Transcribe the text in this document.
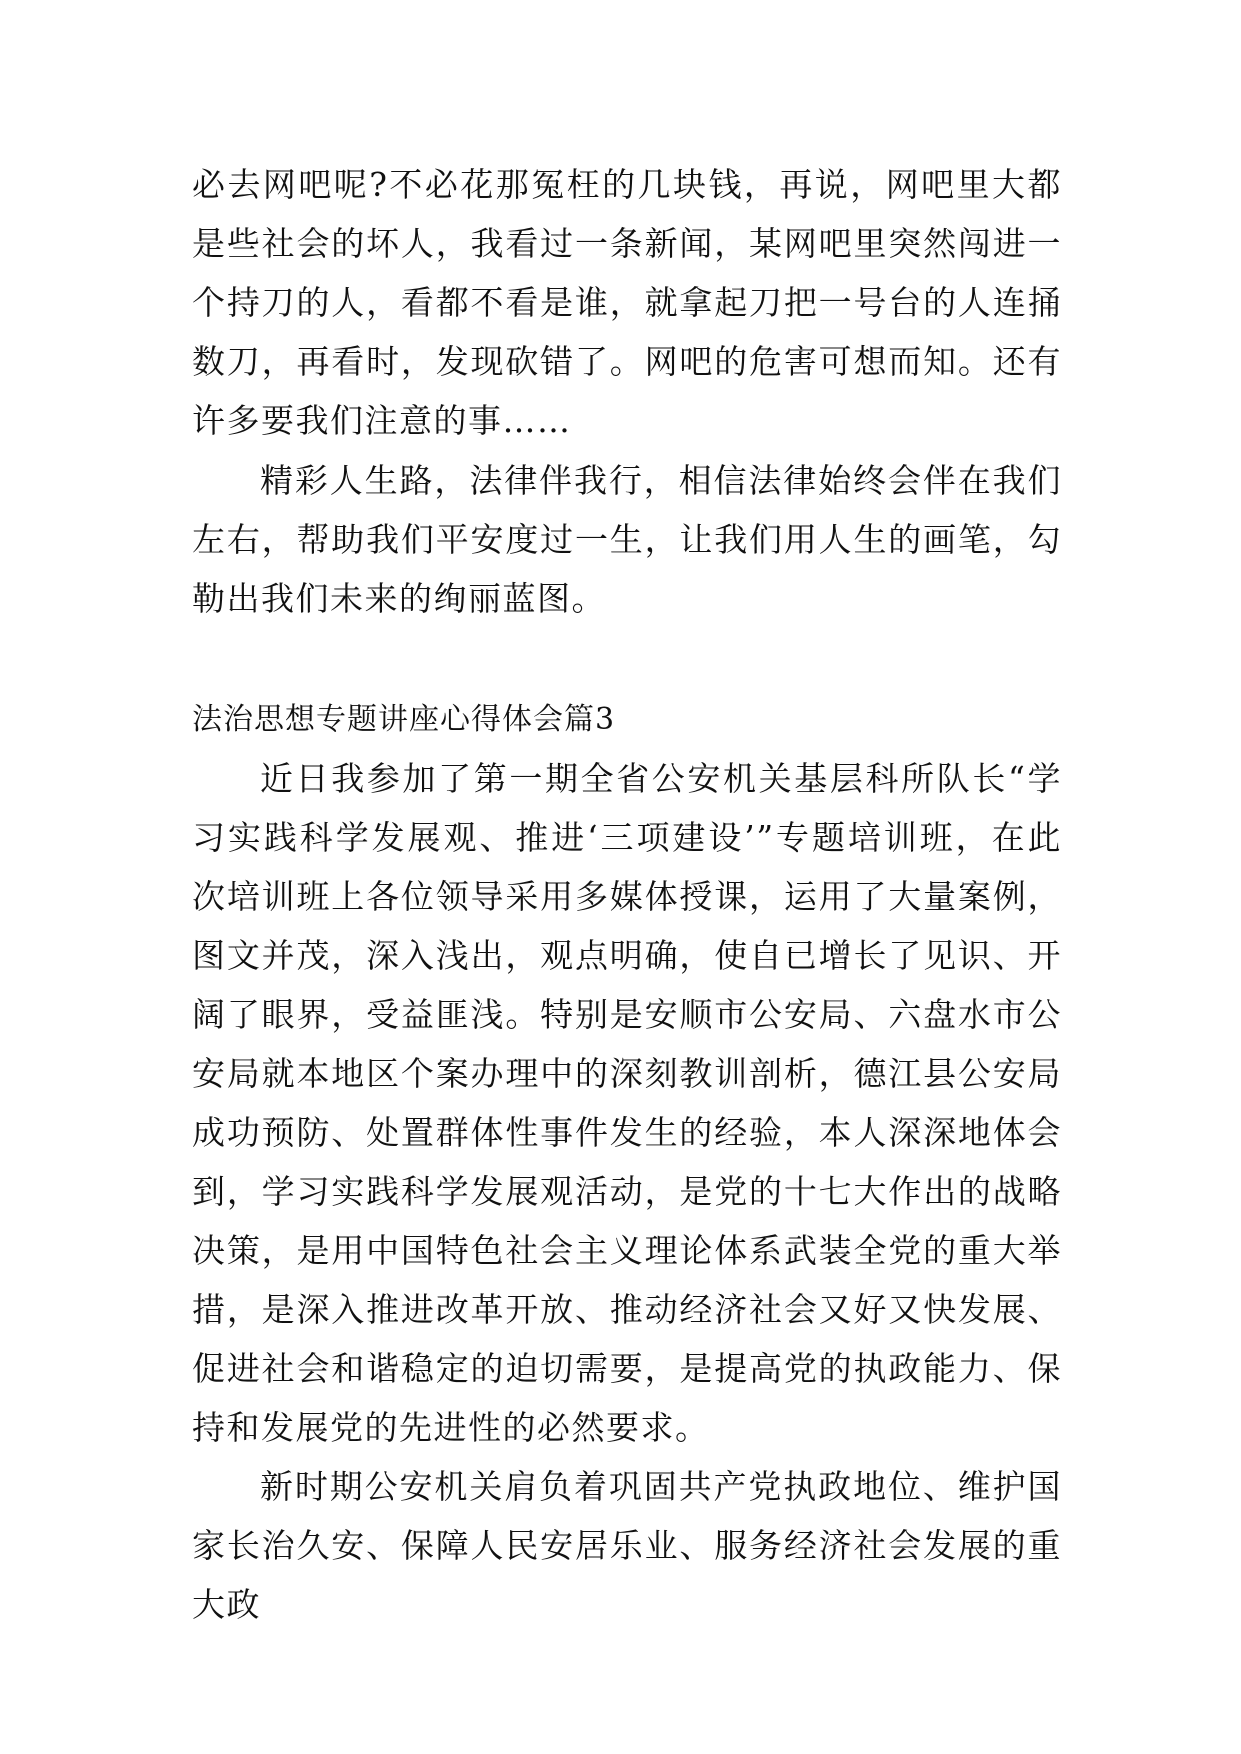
必去网吧呢?不必花那冤枉的几块钱，再说，网吧里大都是些社会的坏人，我看过一条新闻，某网吧里突然闯进一个持刀的人，看都不看是谁，就拿起刀把一号台的人连捅数刀，再看时，发现砍错了。网吧的危害可想而知。还有许多要我们注意的事……

精彩人生路，法律伴我行，相信法律始终会伴在我们左右，帮助我们平安度过一生，让我们用人生的画笔，勾勒出我们未来的绚丽蓝图。

法治思想专题讲座心得体会篇3

近日我参加了第一期全省公安机关基层科所队长“学习实践科学发展观、推进‘三项建设’”专题培训班，在此次培训班上各位领导采用多媒体授课，运用了大量案例，图文并茂，深入浅出，观点明确，使自已增长了见识、开阔了眼界，受益匪浅。特别是安顺市公安局、六盘水市公安局就本地区个案办理中的深刻教训剖析，德江县公安局成功预防、处置群体性事件发生的经验，本人深深地体会到，学习实践科学发展观活动，是党的十七大作出的战略决策，是用中国特色社会主义理论体系武装全党的重大举措，是深入推进改革开放、推动经济社会又好又快发展、促进社会和谐稳定的迫切需要，是提高党的执政能力、保持和发展党的先进性的必然要求。

新时期公安机关肩负着巩固共产党执政地位、维护国家长治久安、保障人民安居乐业、服务经济社会发展的重大政
